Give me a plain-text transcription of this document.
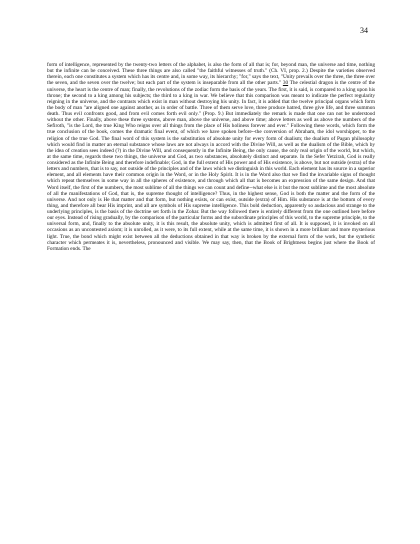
34

form of intelligence, represented by the twenty-two letters of the alphabet, is also the form of all that is; for, beyond man, the universe and time, nothing but the infinite can be conceived. These three things are also called "the faithful witnesses of truth." (Ch. VI, prop. 2.) Despite the varieties observed therein, each one constitutes a system which has its centre and, in some way, its hierarchy; "for," says the text, "Unity prevails over the three, the three over the seven, and the seven over the twelve; but each part of the system is inseparable from all the other parts." 30 The celestial dragon is the centre of the universe, the heart is the centre of man; finally, the revolutions of the zodiac form the basis of the years. The first, it is said, is compared to a king upon his throne; the second to a king among his subjects; the third to a king in war. We believe that this comparison was meant to indicate the perfect regularity reigning in the universe, and the contrasts which exist in man without destroying his unity. In fact, it is added that the twelve principal organs which form the body of man "are aligned one against another, as in order of battle. Three of them serve love, three produce hatred, three give life, and three summon death. Thus evil confronts good, and from evil comes forth evil only." (Prop. 9.) But immediately the remark is made that one can not be understood without the other. Finally, above these three systems, above man, above the universe, and above time; above letters as well as above the numbers of the Sefiroth, "is the Lord, the true King Who reigns over all things from the place of His holiness forever and ever." Following these words, which form the true conclusion of the book, comes the dramatic final event, of which we have spoken before--the conversion of Abraham, the idol worshipper, to the religion of the true God. The final word of this system is the substitution of absolute unity for every form of dualism; the dualism of Pagan philosophy which would find in matter an eternal substance whose laws are not always in accord with the Divine Will, as well as the dualism of the Bible, which by the idea of creation sees indeed (?) in the Divine Will, and consequently in the Infinite Being, the only cause, the only real origin of the world, but which, at the same time, regards these two things, the universe and God, as two substances, absolutely distinct and separate. In the Sefer Yetzirah, God is really considered as the Infinite Being and therefore indefinable; God, in the full extent of His power and of His existence, is above, but not outside (extra) of the letters and numbers, that is to say, not outside of the principles and of the laws which we distinguish in this world. Each element has its source in a superior element, and all elements have their common origin in the Word, or in the Holy Spirit. It is in the Word also that we find the invariable signs of thought which repeat themselves in some way in all the spheres of existence, and through which all that is becomes an expression of the same design. And that Word itself, the first of the numbers, the most sublime of all the things we can count and define--what else is it but the most sublime and the most absolute of all the manifestations of God, that is, the supreme thought of intelligence? Thus, in the highest sense, God is both the matter and the form of the universe. And not only is He that matter and that form, but nothing exists, or can exist, outside (extra) of Him. His substance is at the bottom of every thing, and therefore all bear His imprint, and all are symbols of His supreme intelligence. This bold deduction, apparently so audacious and strange to the underlying principles, is the basis of the doctrine set forth in the Zohar. But the way followed there is entirely different from the one outlined here before our eyes. Instead of rising gradually, by the comparison of the particular forms and the subordinate principles of this world, to the supreme principle, to the universal form, and, finally to the absolute unity, it is this result, the absolute unity, which is admitted first of all. It is supposed, it is invoked on all occasions as an uncontested axiom; it is unrolled, as it were, to its full extent, while at the same time, it is shown in a more brilliant and more mysterious light. True, the bond which might exist between all the deductions obtained in that way is broken by the external form of the work, but the synthetic character which permeates it is, nevertheless, pronounced and visible. We may say, then, that the Book of Brightness begins just where the Book of Formation ends. The
